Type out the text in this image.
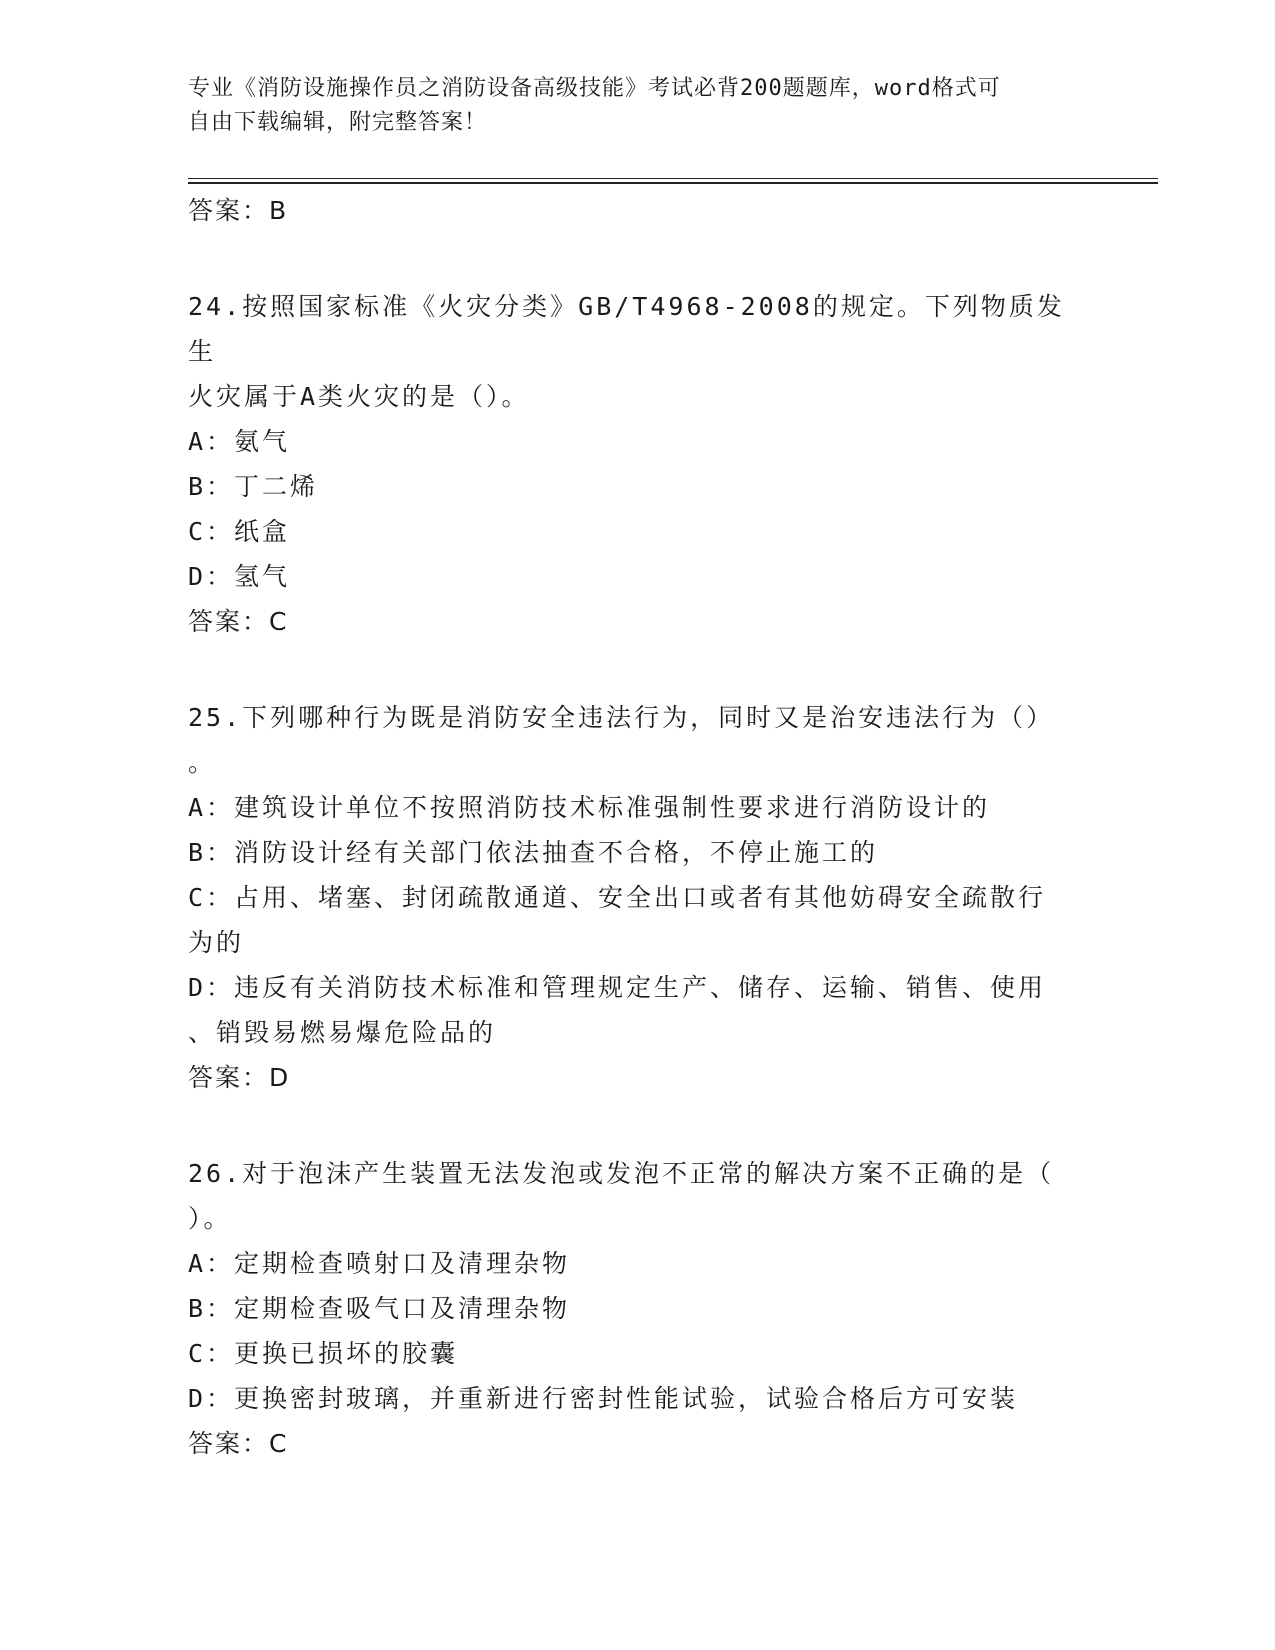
专业《消防设施操作员之消防设备高级技能》考试必背200题题库，word格式可
自由下载编辑，附完整答案！
答案：B
24.按照国家标准《火灾分类》GB/T4968-2008的规定。下列物质发生
火灾属于A类火灾的是（）。
A：氨气
B：丁二烯
C：纸盒
D：氢气
答案：C
25.下列哪种行为既是消防安全违法行为，同时又是治安违法行为（）
。
A：建筑设计单位不按照消防技术标准强制性要求进行消防设计的
B：消防设计经有关部门依法抽查不合格，不停止施工的
C：占用、堵塞、封闭疏散通道、安全出口或者有其他妨碍安全疏散行
为的
D：违反有关消防技术标准和管理规定生产、储存、运输、销售、使用
、销毁易燃易爆危险品的
答案：D
26.对于泡沫产生装置无法发泡或发泡不正常的解决方案不正确的是（
）。
A：定期检查喷射口及清理杂物
B：定期检查吸气口及清理杂物
C：更换已损坏的胶囊
D：更换密封玻璃，并重新进行密封性能试验，试验合格后方可安装
答案：C
